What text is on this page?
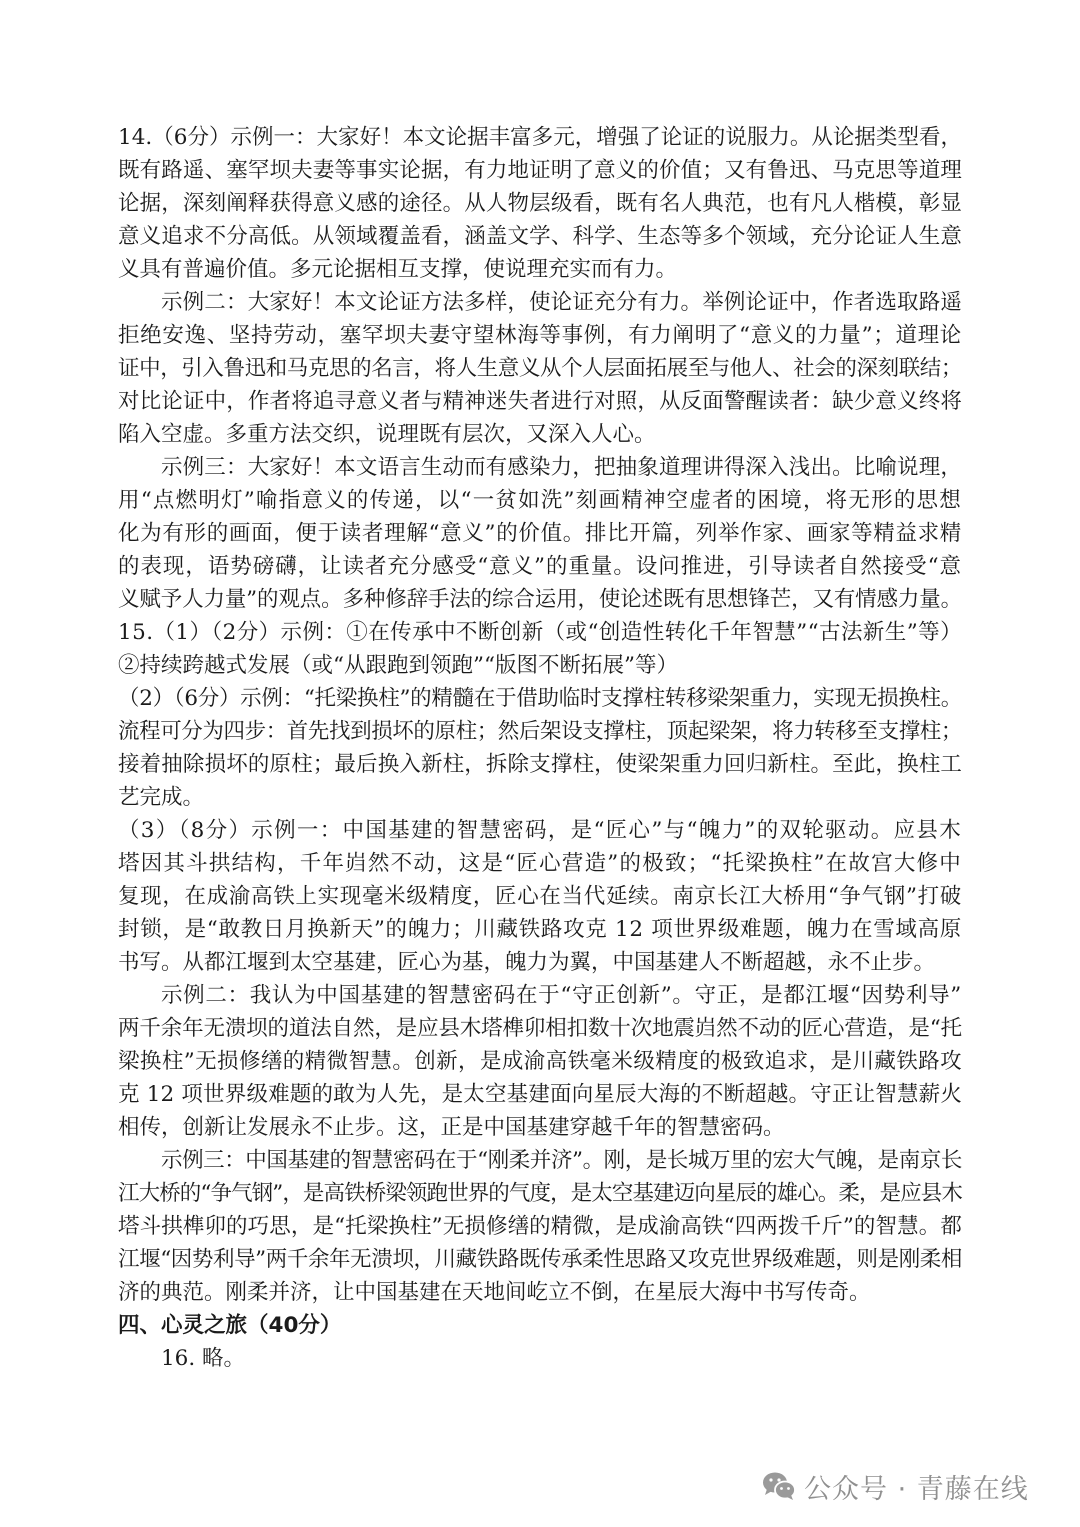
14.（6分）示例一：大家好！本文论据丰富多元，增强了论证的说服力。从论据类型看，
既有路遥、塞罕坝夫妻等事实论据，有力地证明了意义的价值；又有鲁迅、马克思等道理
论据，深刻阐释获得意义感的途径。从人物层级看，既有名人典范，也有凡人楷模，彰显
意义追求不分高低。从领域覆盖看，涵盖文学、科学、生态等多个领域，充分论证人生意
义具有普遍价值。多元论据相互支撑，使说理充实而有力。
示例二：大家好！本文论证方法多样，使论证充分有力。举例论证中，作者选取路遥
拒绝安逸、坚持劳动，塞罕坝夫妻守望林海等事例，有力阐明了“意义的力量”；道理论
证中，引入鲁迅和马克思的名言，将人生意义从个人层面拓展至与他人、社会的深刻联结；
对比论证中，作者将追寻意义者与精神迷失者进行对照，从反面警醒读者：缺少意义终将
陷入空虚。多重方法交织，说理既有层次，又深入人心。
示例三：大家好！本文语言生动而有感染力，把抽象道理讲得深入浅出。比喻说理，
用“点燃明灯”喻指意义的传递，以“一贫如洗”刻画精神空虚者的困境，将无形的思想
化为有形的画面，便于读者理解“意义”的价值。排比开篇，列举作家、画家等精益求精
的表现，语势磅礴，让读者充分感受“意义”的重量。设问推进，引导读者自然接受“意
义赋予人力量”的观点。多种修辞手法的综合运用，使论述既有思想锋芒，又有情感力量。
15.（1）（2分）示例：①在传承中不断创新（或“创造性转化千年智慧”“古法新生”等）
②持续跨越式发展（或“从跟跑到领跑”“版图不断拓展”等）
（2）（6分）示例：“托梁换柱”的精髓在于借助临时支撑柱转移梁架重力，实现无损换柱。
流程可分为四步：首先找到损坏的原柱；然后架设支撑柱，顶起梁架，将力转移至支撑柱；
接着抽除损坏的原柱；最后换入新柱，拆除支撑柱，使梁架重力回归新柱。至此，换柱工
艺完成。
（3）（8分）示例一：中国基建的智慧密码，是“匠心”与“魄力”的双轮驱动。应县木
塔因其斗拱结构，千年岿然不动，这是“匠心营造”的极致；“托梁换柱”在故宫大修中
复现，在成渝高铁上实现毫米级精度，匠心在当代延续。南京长江大桥用“争气钢”打破
封锁，是“敢教日月换新天”的魄力；川藏铁路攻克 12 项世界级难题，魄力在雪域高原
书写。从都江堰到太空基建，匠心为基，魄力为翼，中国基建人不断超越，永不止步。
示例二：我认为中国基建的智慧密码在于“守正创新”。守正，是都江堰“因势利导”
两千余年无溃坝的道法自然，是应县木塔榫卯相扣数十次地震岿然不动的匠心营造，是“托
梁换柱”无损修缮的精微智慧。创新，是成渝高铁毫米级精度的极致追求，是川藏铁路攻
克 12 项世界级难题的敢为人先，是太空基建面向星辰大海的不断超越。守正让智慧薪火
相传，创新让发展永不止步。这，正是中国基建穿越千年的智慧密码。
示例三：中国基建的智慧密码在于“刚柔并济”。刚，是长城万里的宏大气魄，是南京长
江大桥的“争气钢”，是高铁桥梁领跑世界的气度，是太空基建迈向星辰的雄心。柔，是应县木
塔斗拱榫卯的巧思，是“托梁换柱”无损修缮的精微，是成渝高铁“四两拨千斤”的智慧。都
江堰“因势利导”两千余年无溃坝，川藏铁路既传承柔性思路又攻克世界级难题，则是刚柔相
济的典范。刚柔并济，让中国基建在天地间屹立不倒，在星辰大海中书写传奇。
四、心灵之旅（40分）
16. 略。
公众号 · 青藤在线
